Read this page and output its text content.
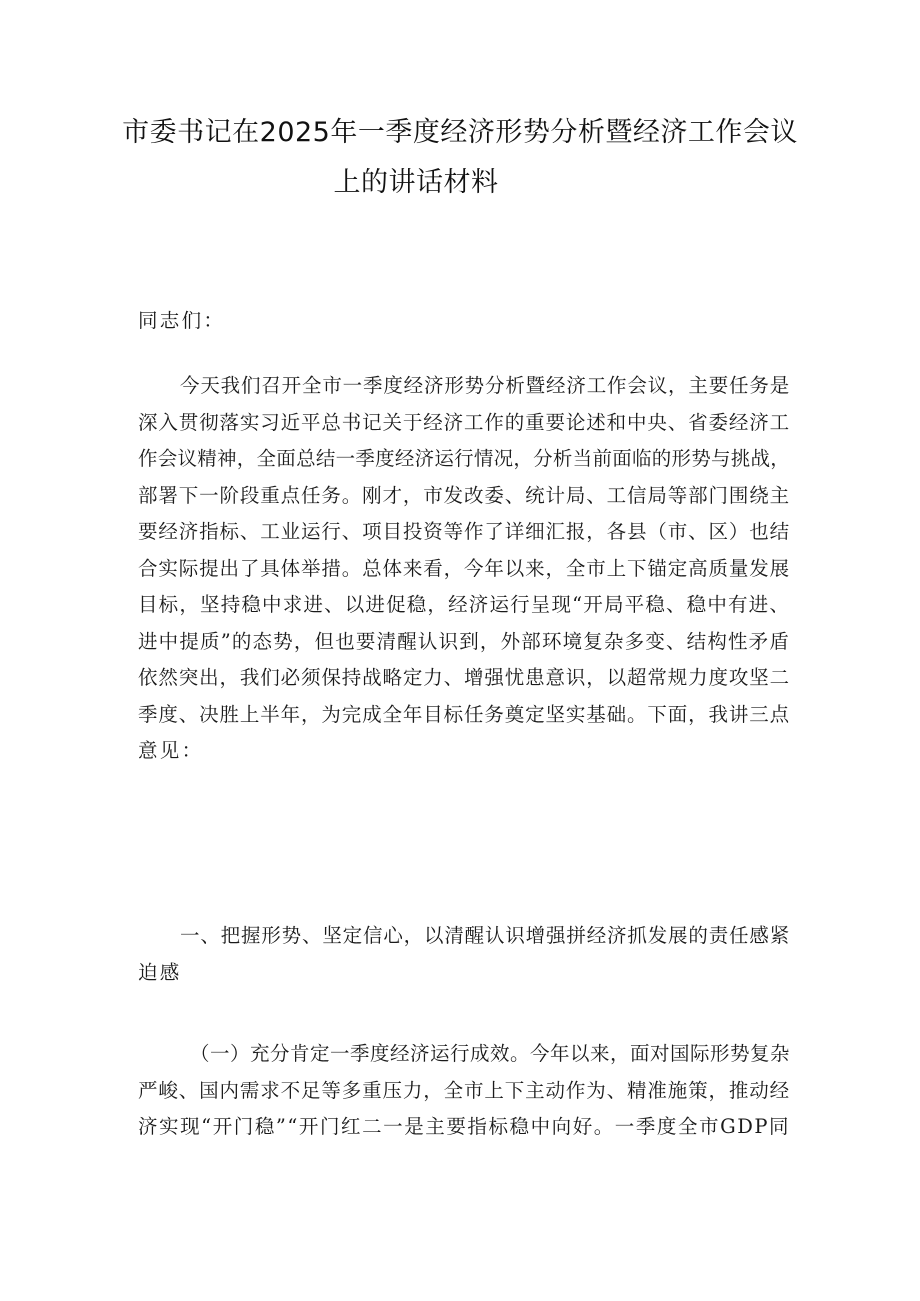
市委书记在2025年一季度经济形势分析暨经济工作会议
上的讲话材料

同志们：

今天我们召开全市一季度经济形势分析暨经济工作会议，主要任务是
深入贯彻落实习近平总书记关于经济工作的重要论述和中央、省委经济工
作会议精神，全面总结一季度经济运行情况，分析当前面临的形势与挑战，
部署下一阶段重点任务。刚才，市发改委、统计局、工信局等部门围绕主
要经济指标、工业运行、项目投资等作了详细汇报，各县（市、区）也结
合实际提出了具体举措。总体来看，今年以来，全市上下锚定高质量发展
目标，坚持稳中求进、以进促稳，经济运行呈现“开局平稳、稳中有进、
进中提质”的态势，但也要清醒认识到，外部环境复杂多变、结构性矛盾
依然突出，我们必须保持战略定力、增强忧患意识，以超常规力度攻坚二
季度、决胜上半年，为完成全年目标任务奠定坚实基础。下面，我讲三点
意见：
一、把握形势、坚定信心，以清醒认识增强拼经济抓发展的责任感紧
迫感
（一）充分肯定一季度经济运行成效。今年以来，面对国际形势复杂
严峻、国内需求不足等多重压力，全市上下主动作为、精准施策，推动经
济实现“开门稳”“开门红二一是主要指标稳中向好。一季度全市GDP同
